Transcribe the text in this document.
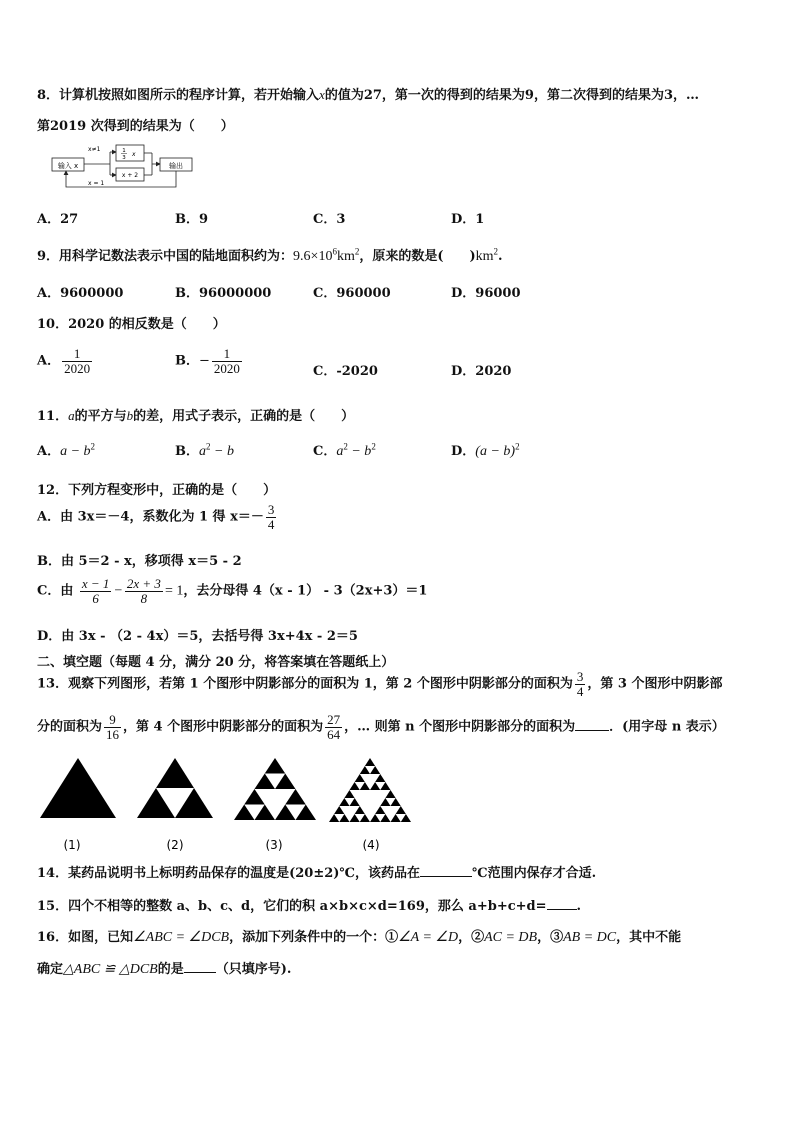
8．计算机按照如图所示的程序计算，若开始输入x的值为27，第一次的得到的结果为9，第二次得到的结果为3，…
第2019 次得到的结果为（　　）
输入 x
x≠1
x = 1
1
3 x
x + 2
输出
A．27	B．9	C．3	D．1
9．用科学记数法表示中国的陆地面积约为：$9.6\times 10^6km^2$，原来的数是(　　)$km^2$.
A．9600000	B．96000000	C．960000	D．96000
10．2020 的相反数是（　　）
A． $\frac{1}{2020}$	B．− $\frac{1}{2020}$	C．-2020	D．2020
11．a的平方与b的差，用式子表示，正确的是（　　）
A．$a - b^2$	B．$a^2 - b$	C．$a^2 - b^2$	D．$(a - b)^2$
12．下列方程变形中，正确的是（　　）
A．由 3x＝－4，系数化为 1 得 $x=- \frac{3}{4}$
B．由 5＝2 - x，移项得 x＝5 - 2
C．由 $\frac{x - 1}{6} - \frac{2x + 3}{8} = 1$，去分母得 4（x - 1） - 3（2x+3）＝1
D．由 3x - （2 - 4x）＝5，去括号得 3x+4x - 2＝5
二、填空题（每题 4 分，满分 20 分，将答案填在答题纸上）
13．观察下列图形，若第 1 个图形中阴影部分的面积为 1，第 2 个图形中阴影部分的面积为 $\frac{3}{4}$ ，第 3 个图形中阴影部
分的面积为 $\frac{9}{16}$ ，第 4 个图形中阴影部分的面积为 $\frac{27}{64}$ ，… 则第 n 个图形中阴影部分的面积为	．(用字母 n 表示）
(1)	(2)	(3)	(4)
14．某药品说明书上标明药品保存的温度是(20±2)℃，该药品在	℃范围内保存才合适.
15．四个不相等的整数 a、b、c、d，它们的积 a×b×c×d=169，那么 a+b+c+d= .
16．如图，已知∠ABC = ∠DCB，添加下列条件中的一个：①∠A = ∠D，②AC = DB，③AB = DC，其中不能
确定△ABC ≌ △DCB的是 （只填序号).
